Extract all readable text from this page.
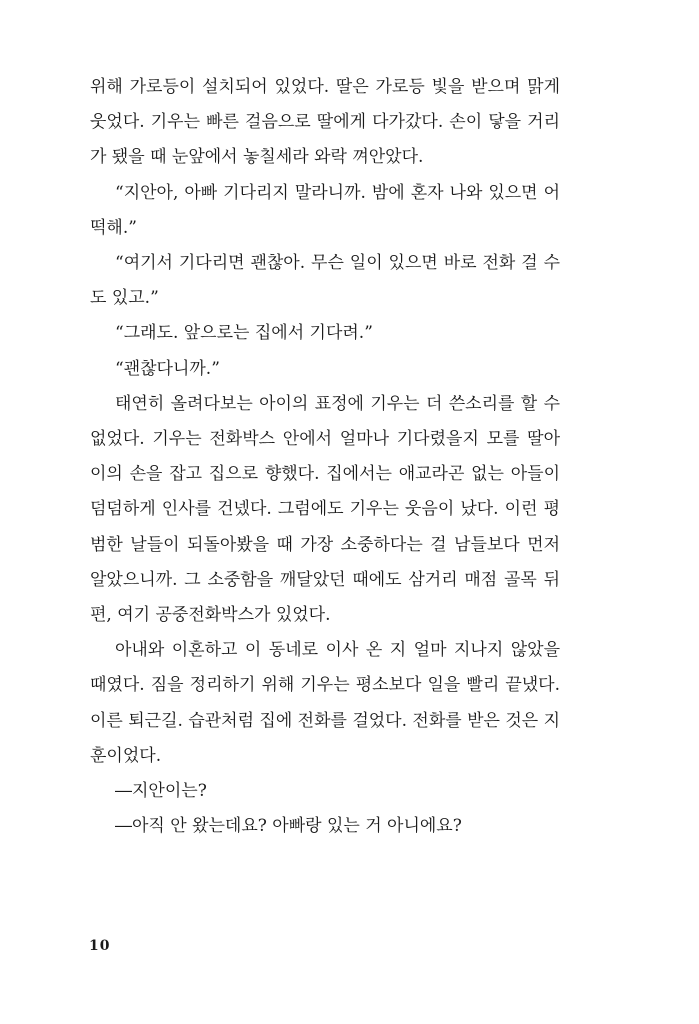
위해 가로등이 설치되어 있었다. 딸은 가로등 빛을 받으며 맑게 웃었다. 기우는 빠른 걸음으로 딸에게 다가갔다. 손이 닿을 거리가 됐을 때 눈앞에서 놓칠세라 와락 껴안았다.

“지안아, 아빠 기다리지 말라니까. 밤에 혼자 나와 있으면 어떡해.”

“여기서 기다리면 괜찮아. 무슨 일이 있으면 바로 전화 걸 수도 있고.”

“그래도. 앞으로는 집에서 기다려.”

“괜찮다니까.”

태연히 올려다보는 아이의 표정에 기우는 더 쓴소리를 할 수 없었다. 기우는 전화박스 안에서 얼마나 기다렸을지 모를 딸아이의 손을 잡고 집으로 향했다. 집에서는 애교라곤 없는 아들이 덤덤하게 인사를 건넸다. 그럼에도 기우는 웃음이 났다. 이런 평범한 날들이 되돌아봤을 때 가장 소중하다는 걸 남들보다 먼저 알았으니까. 그 소중함을 깨달았던 때에도 삼거리 매점 골목 뒤편, 여기 공중전화박스가 있었다.

아내와 이혼하고 이 동네로 이사 온 지 얼마 지나지 않았을 때였다. 짐을 정리하기 위해 기우는 평소보다 일을 빨리 끝냈다. 이른 퇴근길. 습관처럼 집에 전화를 걸었다. 전화를 받은 것은 지훈이었다.

―지안이는?

―아직 안 왔는데요? 아빠랑 있는 거 아니에요?

10
